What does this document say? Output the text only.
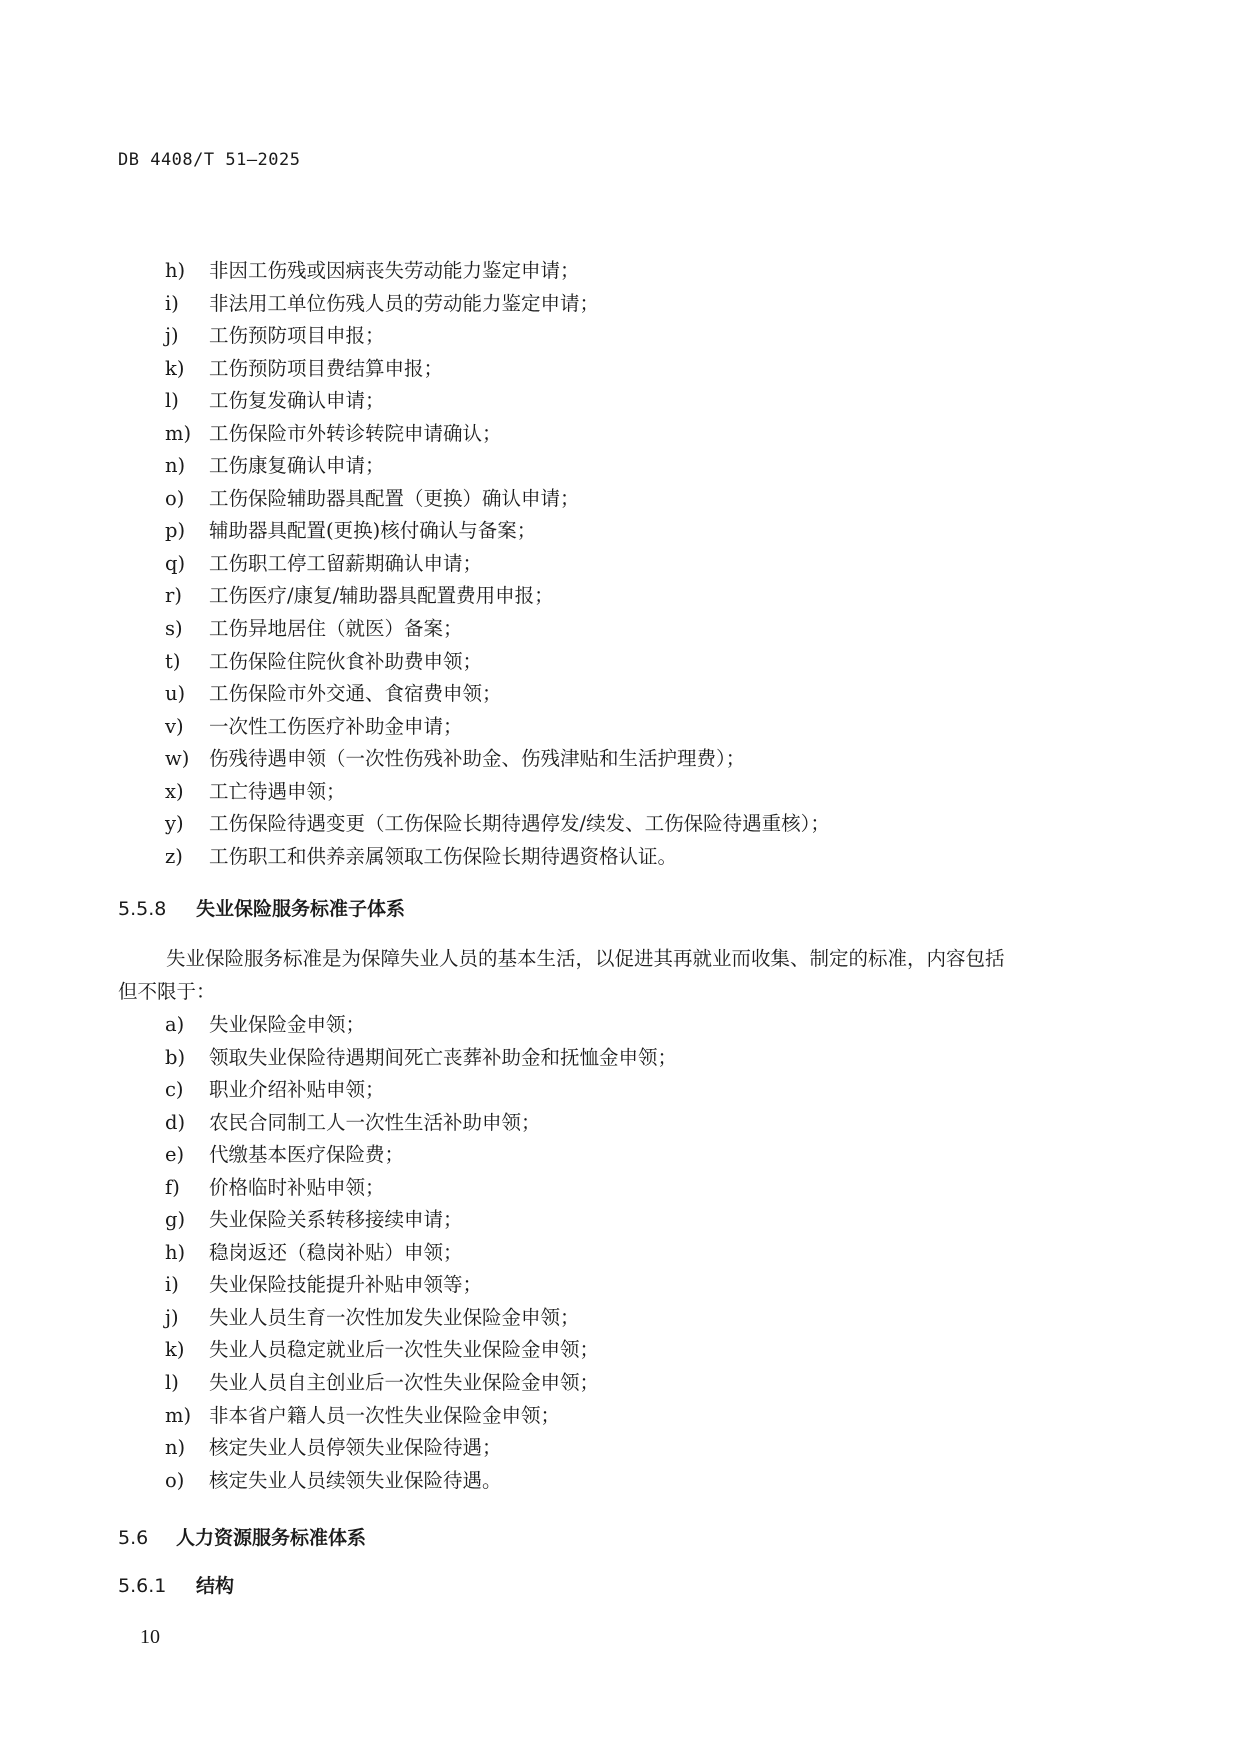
DB 4408/T 51—2025
h)	非因工伤残或因病丧失劳动能力鉴定申请；
i)	非法用工单位伤残人员的劳动能力鉴定申请；
j)	工伤预防项目申报；
k)	工伤预防项目费结算申报；
l)	工伤复发确认申请；
m) 工伤保险市外转诊转院申请确认；
n)	工伤康复确认申请；
o)	工伤保险辅助器具配置（更换）确认申请；
p)	辅助器具配置(更换)核付确认与备案；
q)	工伤职工停工留薪期确认申请；
r)	工伤医疗/康复/辅助器具配置费用申报；
s)	工伤异地居住（就医）备案；
t)	工伤保险住院伙食补助费申领；
u)	工伤保险市外交通、食宿费申领；
v)	一次性工伤医疗补助金申请；
w)	伤残待遇申领（一次性伤残补助金、伤残津贴和生活护理费）；
x)	工亡待遇申领；
y)	工伤保险待遇变更（工伤保险长期待遇停发/续发、工伤保险待遇重核）；
z)	工伤职工和供养亲属领取工伤保险长期待遇资格认证。
5.5.8 失业保险服务标准子体系
失业保险服务标准是为保障失业人员的基本生活，以促进其再就业而收集、制定的标准，内容包括
但不限于：
a)	失业保险金申领；
b)	领取失业保险待遇期间死亡丧葬补助金和抚恤金申领；
c)	职业介绍补贴申领；
d)	农民合同制工人一次性生活补助申领；
e)	代缴基本医疗保险费；
f)	价格临时补贴申领；
g)	失业保险关系转移接续申请；
h)	稳岗返还（稳岗补贴）申领；
i)	失业保险技能提升补贴申领等；
j)	失业人员生育一次性加发失业保险金申领；
k)	失业人员稳定就业后一次性失业保险金申领；
l)	失业人员自主创业后一次性失业保险金申领；
m) 非本省户籍人员一次性失业保险金申领；
n)	核定失业人员停领失业保险待遇；
o)	核定失业人员续领失业保险待遇。
5.6 人力资源服务标准体系
5.6.1 结构
10
